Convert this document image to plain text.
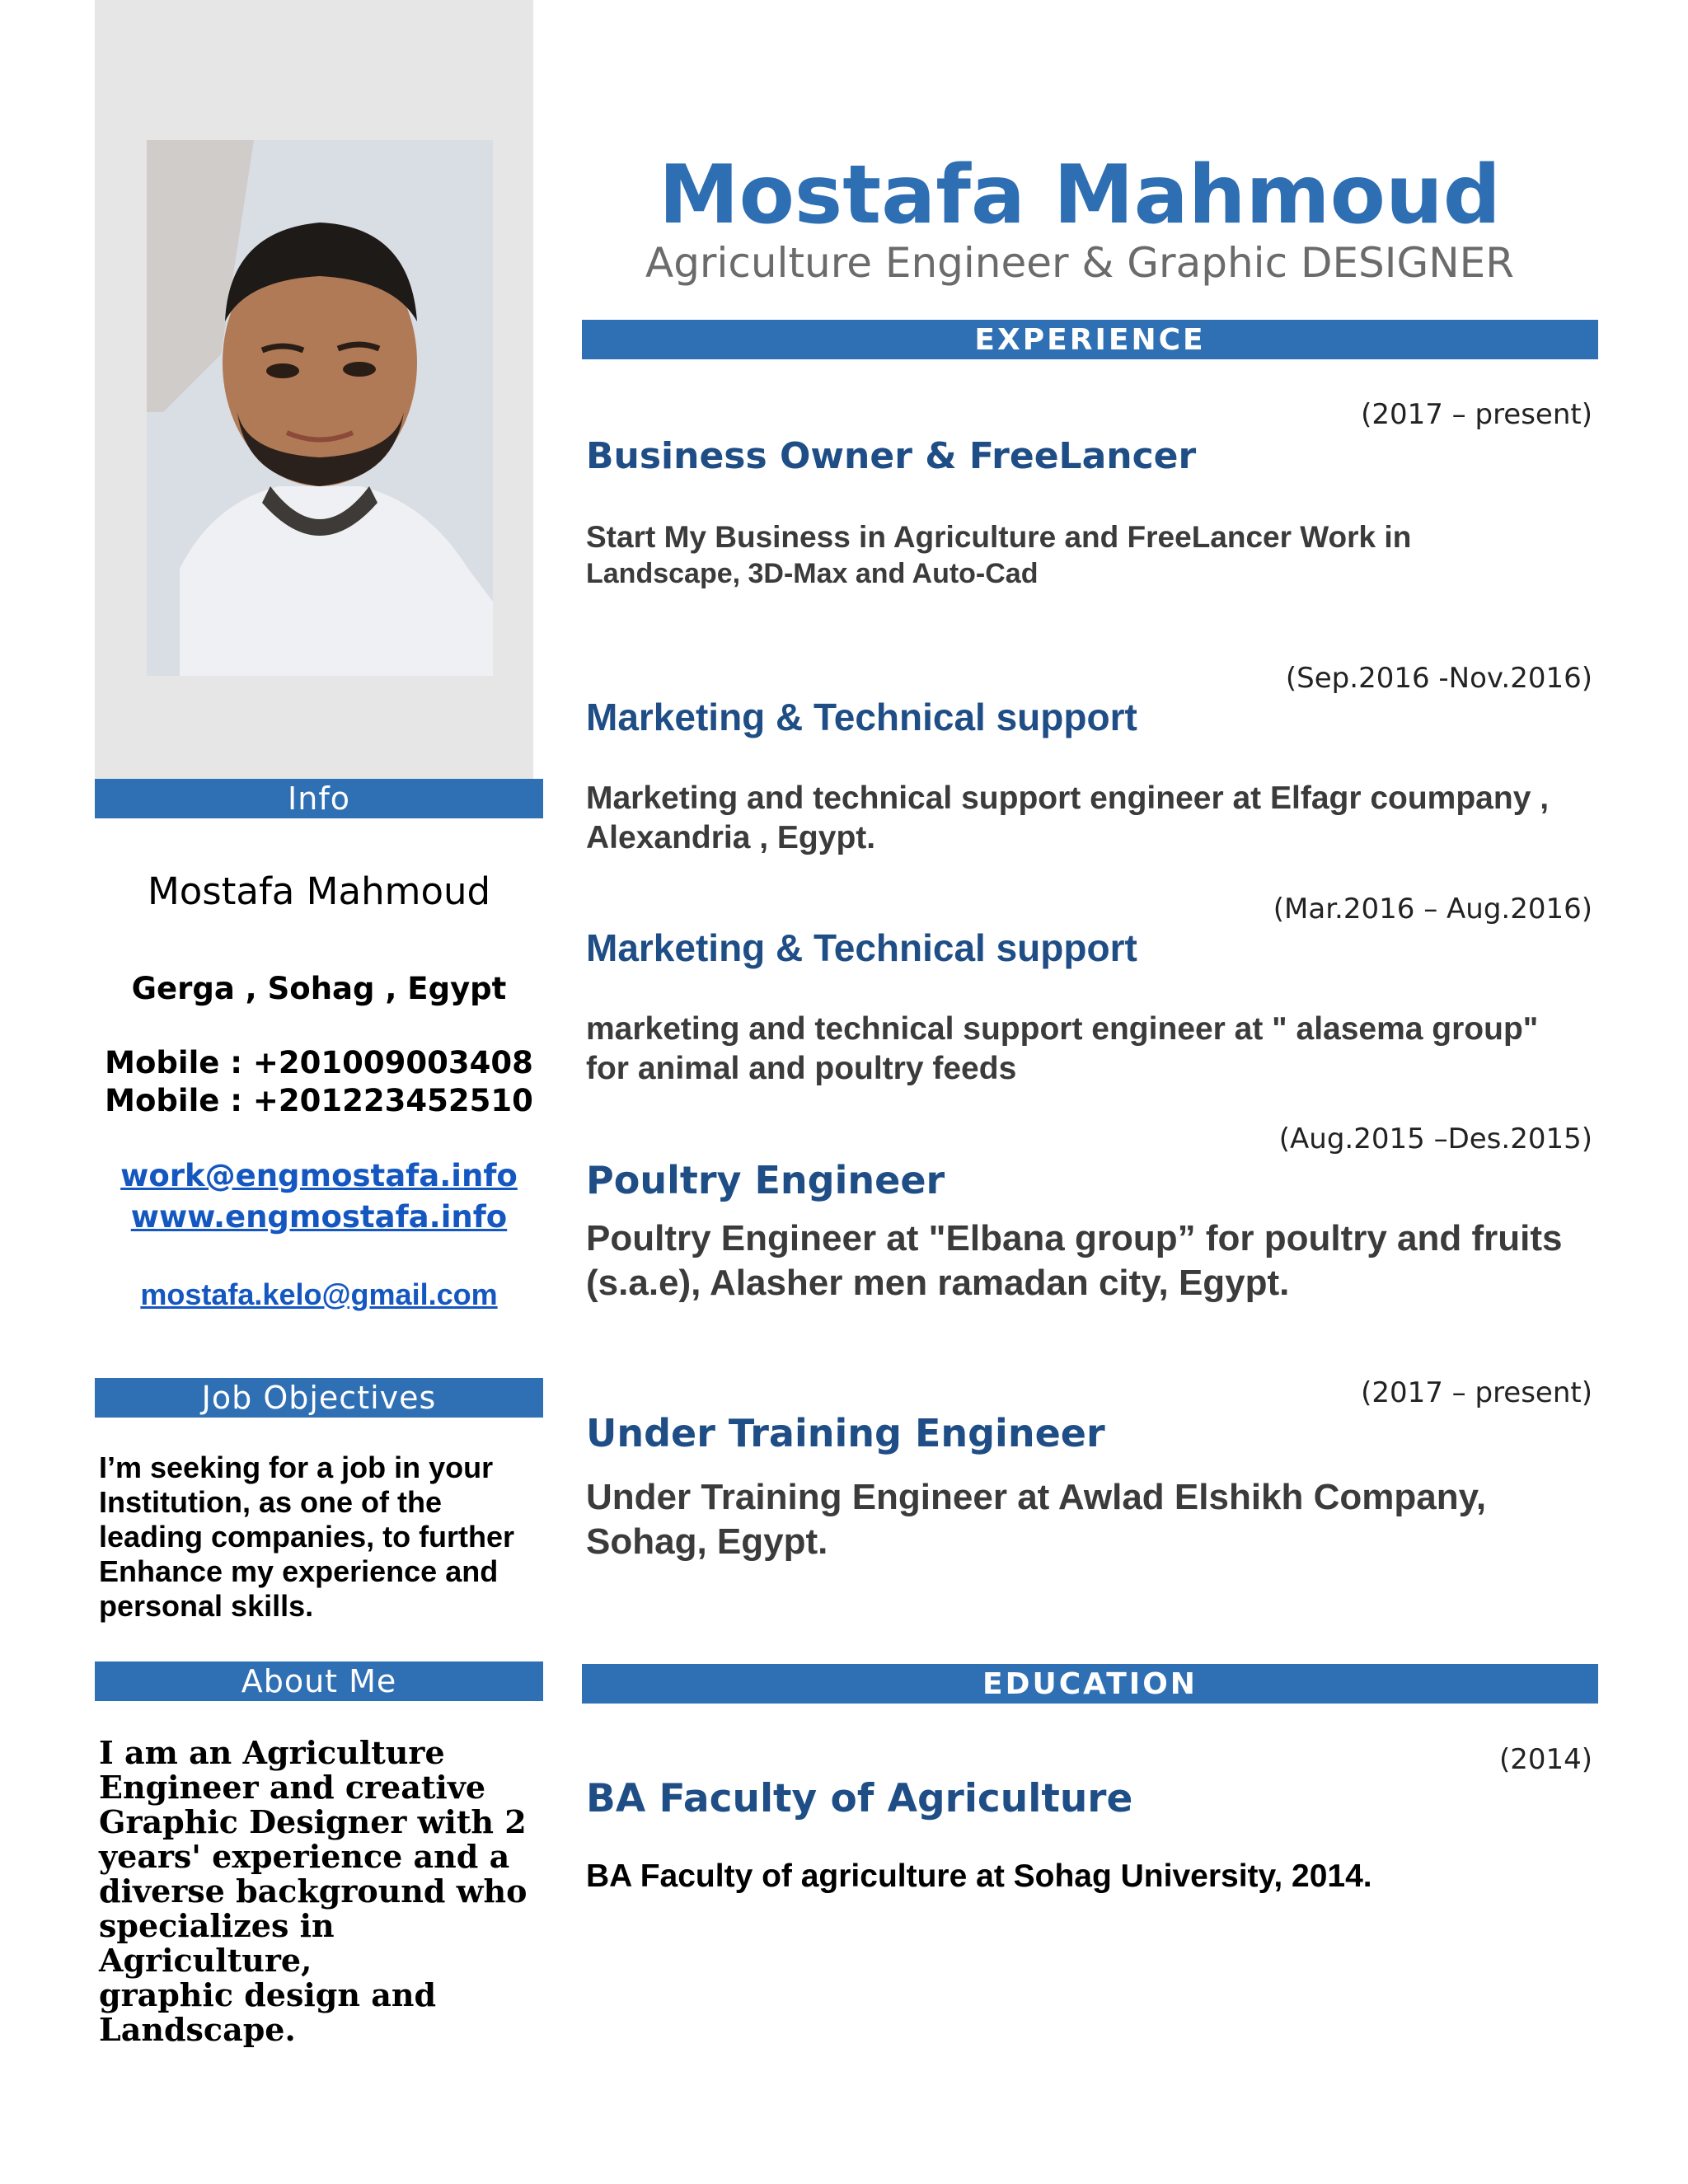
Info
Mostafa Mahmoud
Gerga , Sohag , Egypt
Mobile : +201009003408
Mobile : +201223452510
work@engmostafa.info
www.engmostafa.info
mostafa.kelo@gmail.com
Job Objectives
I’m seeking for a job in your
Institution, as one of the
leading companies, to further
Enhance my experience and
personal skills.
About Me
I am an Agriculture
Engineer and creative
Graphic Designer with 2
years' experience and a
diverse background who
specializes in Agriculture,
graphic design and
Landscape.
Mostafa Mahmoud
Agriculture Engineer & Graphic DESIGNER
EXPERIENCE
(2017 – present)
Business Owner & FreeLancer
Start My Business in Agriculture and FreeLancer Work in
Landscape, 3D-Max and Auto-Cad
(Sep.2016 -Nov.2016)
Marketing & Technical support
Marketing and technical support engineer at Elfagr coumpany ,
Alexandria , Egypt.
(Mar.2016 – Aug.2016)
Marketing & Technical support
marketing and technical support engineer at " alasema group"
for animal and poultry feeds
(Aug.2015 –Des.2015)
Poultry Engineer
Poultry Engineer at "Elbana group” for poultry and fruits
(s.a.e), Alasher men ramadan city, Egypt.
(2017 – present)
Under Training Engineer
Under Training Engineer at Awlad Elshikh Company,
Sohag, Egypt.
EDUCATION
(2014)
BA Faculty of Agriculture
BA Faculty of agriculture at Sohag University, 2014.
